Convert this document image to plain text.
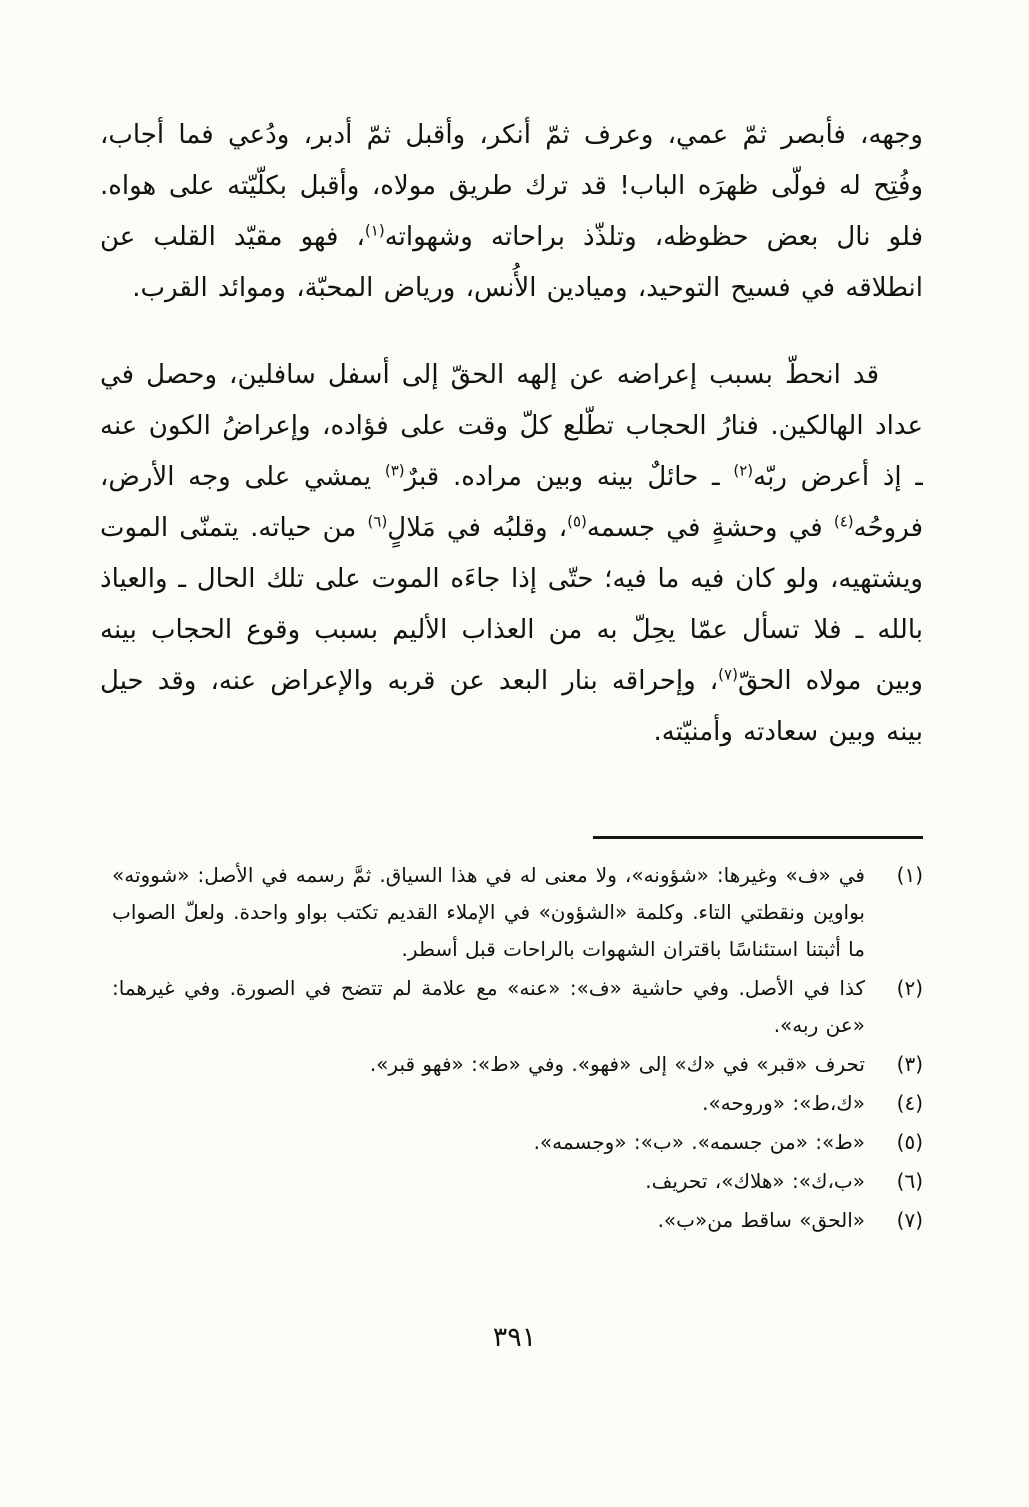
وجهه، فأبصر ثمّ عمي، وعرف ثمّ أنكر، وأقبل ثمّ أدبر، ودُعي فما أجاب، وفُتِح له فولّى ظهرَه الباب! قد ترك طريق مولاه، وأقبل بكلّيّته على هواه. فلو نال بعض حظوظه، وتلذّذ براحاته وشهواته$^{(١)}$، فهو مقيّد القلب عن انطلاقه في فسيح التوحيد، وميادين الأُنس، ورياض المحبّة، وموائد القرب.

قد انحطّ بسبب إعراضه عن إلهه الحقّ إلى أسفل سافلين، وحصل في عداد الهالكين. فنارُ الحجاب تطّلع كلّ وقت على فؤاده، وإعراضُ الكون عنه ـ إذ أعرض ربّه$^{(٢)}$ ـ حائلٌ بينه وبين مراده. قبرٌ$^{(٣)}$ يمشي على وجه الأرض، فروحُه$^{(٤)}$ في وحشةٍ في جسمه$^{(٥)}$، وقلبُه في مَلالٍ$^{(٦)}$ من حياته. يتمنّى الموت ويشتهيه، ولو كان فيه ما فيه؛ حتّى إذا جاءَه الموت على تلك الحال ـ والعياذ بالله ـ فلا تسأل عمّا يحِلّ به من العذاب الأليم بسبب وقوع الحجاب بينه وبين مولاه الحقّ$^{(٧)}$، وإحراقه بنار البعد عن قربه والإعراض عنه، وقد حيل بينه وبين سعادته وأمنيّته.

(١)
في «ف» وغيرها: «شؤونه»، ولا معنى له في هذا السياق. ثمَّ رسمه في الأصل: «شووته» بواوين ونقطتي التاء. وكلمة «الشؤون» في الإملاء القديم تكتب بواو واحدة. ولعلّ الصواب ما أثبتنا استئناسًا باقتران الشهوات بالراحات قبل أسطر.
(٢)
كذا في الأصل. وفي حاشية «ف»: «عنه» مع علامة لم تتضح في الصورة. وفي غيرهما: «عن ربه».
(٣)
تحرف «قبر» في «ك» إلى «فهو». وفي «ط»: «فهو قبر».
(٤)
«ك،ط»: «وروحه».
(٥)
«ط»: «من جسمه». «ب»: «وجسمه».
(٦)
«ب،ك»: «هلاك»، تحريف.
(٧)
«الحق» ساقط من«ب».
٣٩١
